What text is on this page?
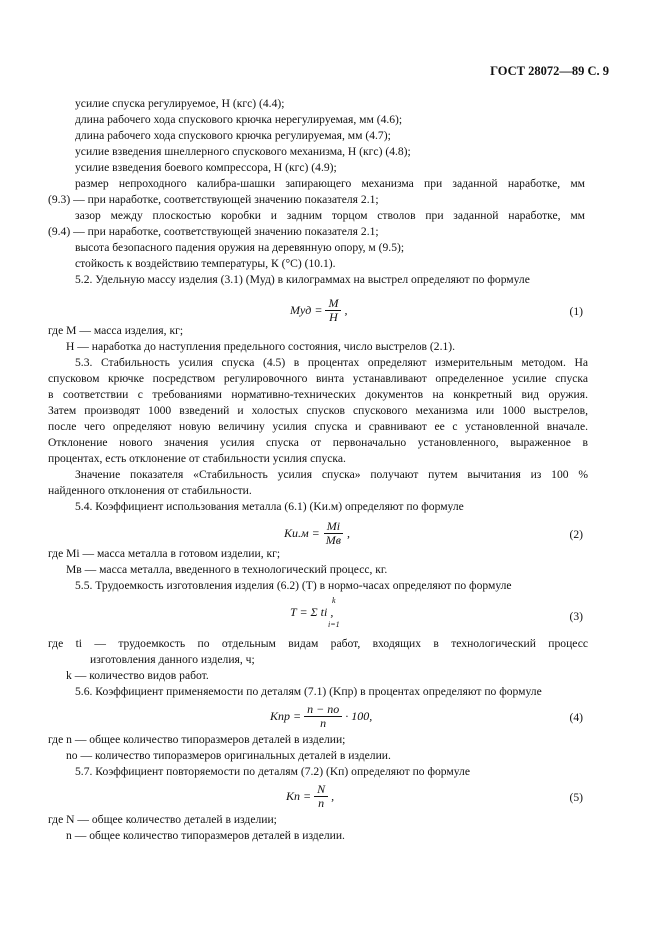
ГОСТ 28072—89 С. 9
усилие спуска регулируемое, Н (кгс) (4.4);
длина рабочего хода спускового крючка нерегулируемая, мм (4.6);
длина рабочего хода спускового крючка регулируемая, мм (4.7);
усилие взведения шнеллерного спускового механизма, Н (кгс) (4.8);
усилие взведения боевого компрессора, Н (кгс) (4.9);
размер непроходного калибра-шашки запирающего механизма при заданной наработке, мм
(9.3) — при наработке, соответствующей значению показателя 2.1;
зазор между плоскостью коробки и задним торцом стволов при заданной наработке, мм
(9.4) — при наработке, соответствующей значению показателя 2.1;
высота безопасного падения оружия на деревянную опору, м (9.5);
стойкость к воздействию температуры, К (°С) (10.1).
5.2. Удельную массу изделия (3.1) (Mуд) в килограммах на выстрел определяют по формуле
Mуд = $\frac{M}{H}$ ,	(1)
где M — масса изделия, кг;
H — наработка до наступления предельного состояния, число выстрелов (2.1).
5.3. Стабильность усилия спуска (4.5) в процентах определяют измерительным методом. На
спусковом крючке посредством регулировочного винта устанавливают определенное усилие спуска
в соответствии с требованиями нормативно-технических документов на конкретный вид оружия.
Затем производят 1000 взведений и холостых спусков спускового механизма или 1000 выстрелов,
после чего определяют новую величину усилия спуска и сравнивают ее с установленной вначале.
Отклонение нового значения усилия спуска от первоначально установленного, выраженное в
процентах, есть отклонение от стабильности усилия спуска.
Значение показателя «Стабильность усилия спуска» получают путем вычитания из 100 %
найденного отклонения от стабильности.
5.4. Коэффициент использования металла (6.1) (Kи.м) определяют по формуле
$Kи.м = \frac{Mi}{Mв}$ ,	(2)
где Mi — масса металла в готовом изделии, кг;
Mв — масса металла, введенного в технологический процесс, кг.
5.5. Трудоемкость изготовления изделия (6.2) (T) в нормо-часах определяют по формуле
k
T = Σ ti ,
i=1
(3)
где ti — трудоемкость по отдельным видам работ, входящих в технологический процесс
изготовления данного изделия, ч;
k — количество видов работ.
5.6. Коэффициент применяемости по деталям (7.1) (Kпр) в процентах определяют по формуле
Kпр = $\frac{n - nо}{n} \cdot 100$,	(4)
где n — общее количество типоразмеров деталей в изделии;
nо — количество типоразмеров оригинальных деталей в изделии.
5.7. Коэффициент повторяемости по деталям (7.2) (Kп) определяют по формуле
Kп = $\frac{N}{n}$ ,	(5)
где N — общее количество деталей в изделии;
n — общее количество типоразмеров деталей в изделии.
